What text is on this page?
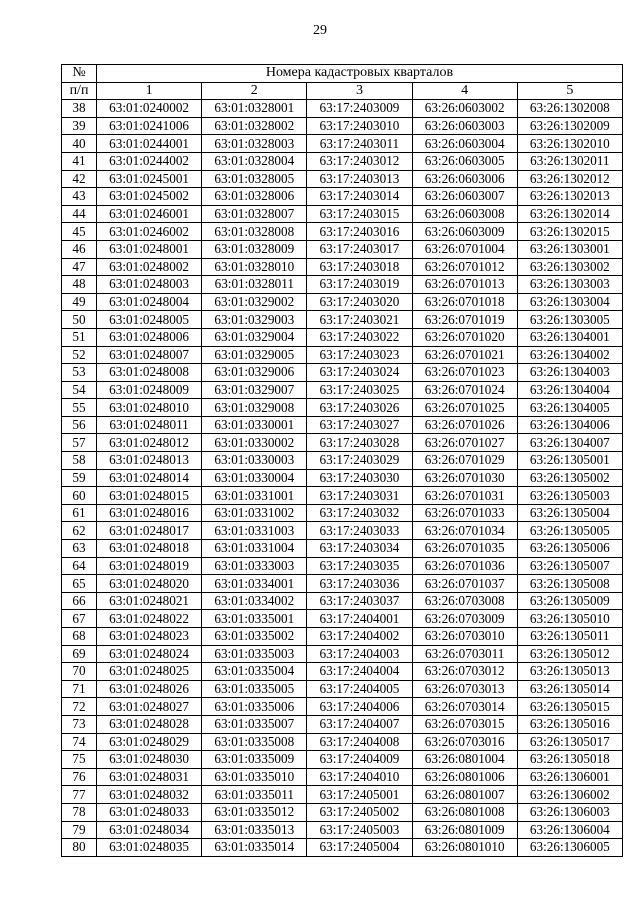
29
№	Номера кадастровых кварталов				
п/п	1	2	3	4	5
38	63:01:0240002	63:01:0328001	63:17:2403009	63:26:0603002	63:26:1302008
39	63:01:0241006	63:01:0328002	63:17:2403010	63:26:0603003	63:26:1302009
40	63:01:0244001	63:01:0328003	63:17:2403011	63:26:0603004	63:26:1302010
41	63:01:0244002	63:01:0328004	63:17:2403012	63:26:0603005	63:26:1302011
42	63:01:0245001	63:01:0328005	63:17:2403013	63:26:0603006	63:26:1302012
43	63:01:0245002	63:01:0328006	63:17:2403014	63:26:0603007	63:26:1302013
44	63:01:0246001	63:01:0328007	63:17:2403015	63:26:0603008	63:26:1302014
45	63:01:0246002	63:01:0328008	63:17:2403016	63:26:0603009	63:26:1302015
46	63:01:0248001	63:01:0328009	63:17:2403017	63:26:0701004	63:26:1303001
47	63:01:0248002	63:01:0328010	63:17:2403018	63:26:0701012	63:26:1303002
48	63:01:0248003	63:01:0328011	63:17:2403019	63:26:0701013	63:26:1303003
49	63:01:0248004	63:01:0329002	63:17:2403020	63:26:0701018	63:26:1303004
50	63:01:0248005	63:01:0329003	63:17:2403021	63:26:0701019	63:26:1303005
51	63:01:0248006	63:01:0329004	63:17:2403022	63:26:0701020	63:26:1304001
52	63:01:0248007	63:01:0329005	63:17:2403023	63:26:0701021	63:26:1304002
53	63:01:0248008	63:01:0329006	63:17:2403024	63:26:0701023	63:26:1304003
54	63:01:0248009	63:01:0329007	63:17:2403025	63:26:0701024	63:26:1304004
55	63:01:0248010	63:01:0329008	63:17:2403026	63:26:0701025	63:26:1304005
56	63:01:0248011	63:01:0330001	63:17:2403027	63:26:0701026	63:26:1304006
57	63:01:0248012	63:01:0330002	63:17:2403028	63:26:0701027	63:26:1304007
58	63:01:0248013	63:01:0330003	63:17:2403029	63:26:0701029	63:26:1305001
59	63:01:0248014	63:01:0330004	63:17:2403030	63:26:0701030	63:26:1305002
60	63:01:0248015	63:01:0331001	63:17:2403031	63:26:0701031	63:26:1305003
61	63:01:0248016	63:01:0331002	63:17:2403032	63:26:0701033	63:26:1305004
62	63:01:0248017	63:01:0331003	63:17:2403033	63:26:0701034	63:26:1305005
63	63:01:0248018	63:01:0331004	63:17:2403034	63:26:0701035	63:26:1305006
64	63:01:0248019	63:01:0333003	63:17:2403035	63:26:0701036	63:26:1305007
65	63:01:0248020	63:01:0334001	63:17:2403036	63:26:0701037	63:26:1305008
66	63:01:0248021	63:01:0334002	63:17:2403037	63:26:0703008	63:26:1305009
67	63:01:0248022	63:01:0335001	63:17:2404001	63:26:0703009	63:26:1305010
68	63:01:0248023	63:01:0335002	63:17:2404002	63:26:0703010	63:26:1305011
69	63:01:0248024	63:01:0335003	63:17:2404003	63:26:0703011	63:26:1305012
70	63:01:0248025	63:01:0335004	63:17:2404004	63:26:0703012	63:26:1305013
71	63:01:0248026	63:01:0335005	63:17:2404005	63:26:0703013	63:26:1305014
72	63:01:0248027	63:01:0335006	63:17:2404006	63:26:0703014	63:26:1305015
73	63:01:0248028	63:01:0335007	63:17:2404007	63:26:0703015	63:26:1305016
74	63:01:0248029	63:01:0335008	63:17:2404008	63:26:0703016	63:26:1305017
75	63:01:0248030	63:01:0335009	63:17:2404009	63:26:0801004	63:26:1305018
76	63:01:0248031	63:01:0335010	63:17:2404010	63:26:0801006	63:26:1306001
77	63:01:0248032	63:01:0335011	63:17:2405001	63:26:0801007	63:26:1306002
78	63:01:0248033	63:01:0335012	63:17:2405002	63:26:0801008	63:26:1306003
79	63:01:0248034	63:01:0335013	63:17:2405003	63:26:0801009	63:26:1306004
80	63:01:0248035	63:01:0335014	63:17:2405004	63:26:0801010	63:26:1306005
